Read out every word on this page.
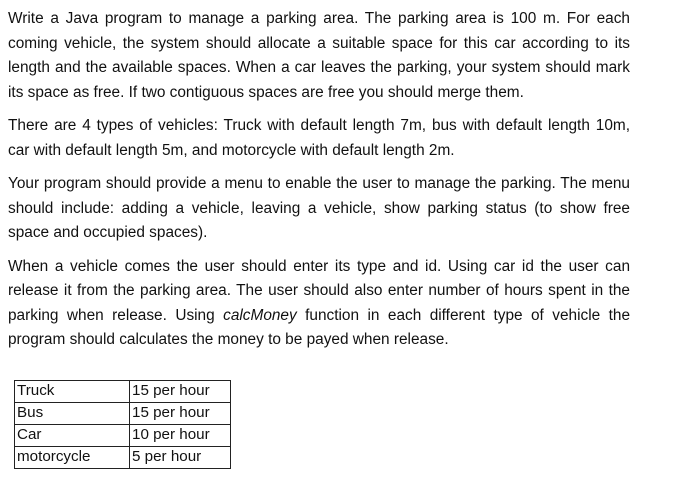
Write a Java program to manage a parking area. The parking area is 100 m. For each coming vehicle, the system should allocate a suitable space for this car according to its length and the available spaces. When a car leaves the parking, your system should mark its space as free. If two contiguous spaces are free you should merge them.

There are 4 types of vehicles: Truck with default length 7m, bus with default length 10m, car with default length 5m, and motorcycle with default length 2m.

Your program should provide a menu to enable the user to manage the parking. The menu should include: adding a vehicle, leaving a vehicle, show parking status (to show free space and occupied spaces).

When a vehicle comes the user should enter its type and id. Using car id the user can release it from the parking area. The user should also enter number of hours spent in the parking when release. Using calcMoney function in each different type of vehicle the program should calculates the money to be payed when release.

Truck	15 per hour
Bus	15 per hour
Car	10 per hour
motorcycle	5 per hour
